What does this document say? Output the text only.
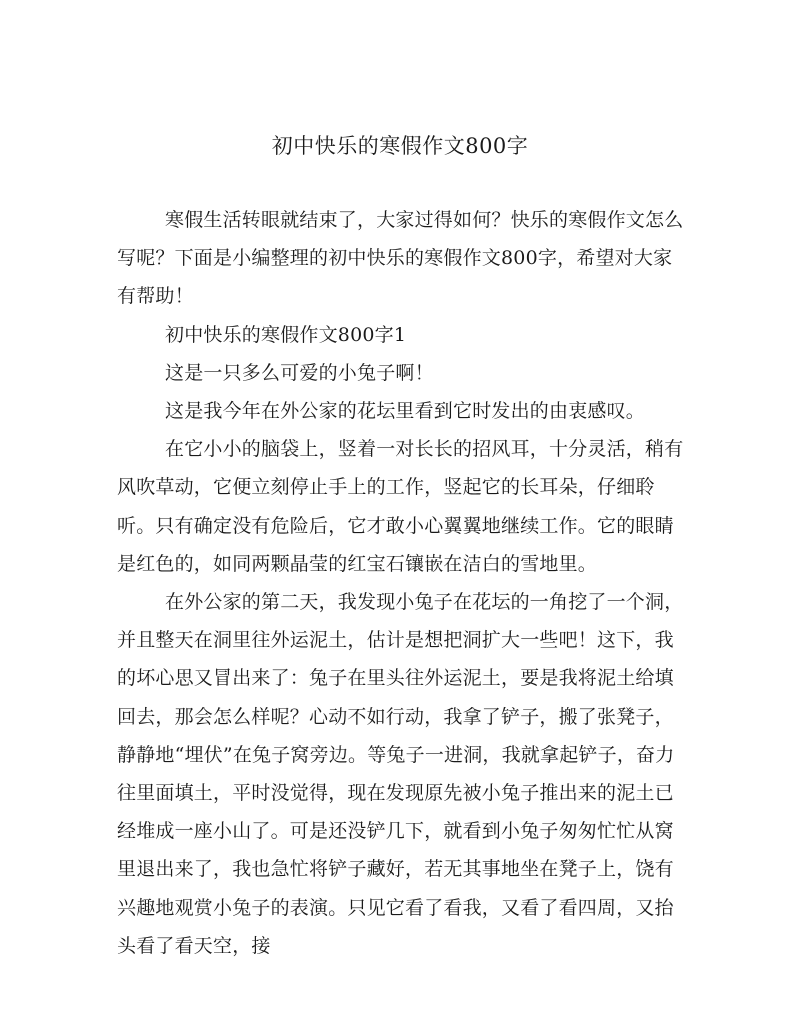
初中快乐的寒假作文800字

寒假生活转眼就结束了，大家过得如何？快乐的寒假作文怎么写呢？下面是小编整理的初中快乐的寒假作文800字，希望对大家有帮助！

初中快乐的寒假作文800字1

这是一只多么可爱的小兔子啊！

这是我今年在外公家的花坛里看到它时发出的由衷感叹。

在它小小的脑袋上，竖着一对长长的招风耳，十分灵活，稍有风吹草动，它便立刻停止手上的工作，竖起它的长耳朵，仔细聆听。只有确定没有危险后，它才敢小心翼翼地继续工作。它的眼睛是红色的，如同两颗晶莹的红宝石镶嵌在洁白的雪地里。

在外公家的第二天，我发现小兔子在花坛的一角挖了一个洞，并且整天在洞里往外运泥土，估计是想把洞扩大一些吧！这下，我的坏心思又冒出来了：兔子在里头往外运泥土，要是我将泥土给填回去，那会怎么样呢？心动不如行动，我拿了铲子，搬了张凳子，静静地“埋伏”在兔子窝旁边。等兔子一进洞，我就拿起铲子，奋力往里面填土，平时没觉得，现在发现原先被小兔子推出来的泥土已经堆成一座小山了。可是还没铲几下，就看到小兔子匆匆忙忙从窝里退出来了，我也急忙将铲子藏好，若无其事地坐在凳子上，饶有兴趣地观赏小兔子的表演。只见它看了看我，又看了看四周，又抬头看了看天空，接
